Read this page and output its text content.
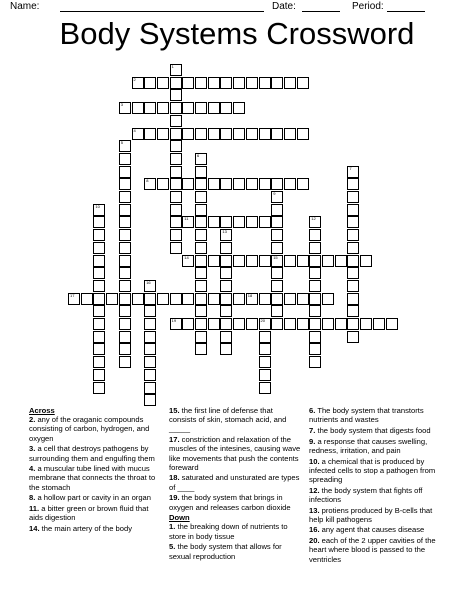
Name:	Date:	Period:
Body Systems Crossword
2
3
4
8
11
14	15
17	18
19	20
1
5
6
7
9
10
12
13
16
Across
2. any of the oraganic compounds consisting of carbon, hydrogen, and oxygen
3. a cell that destroys pathogens by surrounding them and engulfing them
4. a muscular tube lined with mucus membrane that connects the throat to the stomach
8. a hollow part or cavity in an organ
11. a bitter green or brown fluid that aids digestion
14. the main artery of the body
15. the first line of defense that consists of skin, stomach acid, and _____
17. constriction and relaxation of the muscles of the intesines, causing wave like movements that push the contents foreward
18. saturated and unsturated are types of ____
19. the body system that brings in oxygen and releases carbon dioxide
Down
1. the breaking down of nutrients to store in body tissue
5. the body system that allows for sexual reproduction
6. The body system that transtorts nutrients and wastes
7. the body system that digests food
9. a response that causes swelling, redness, irritation, and pain
10. a chemical that is produced by infected cells to stop a pathogen from spreading
12. the body system that fights off infections
13. protiens produced by B-cells that help kill pathogens
16. any agent that causes disease
20. each of the 2 upper cavities of the heart where blood is passed to the ventricles
